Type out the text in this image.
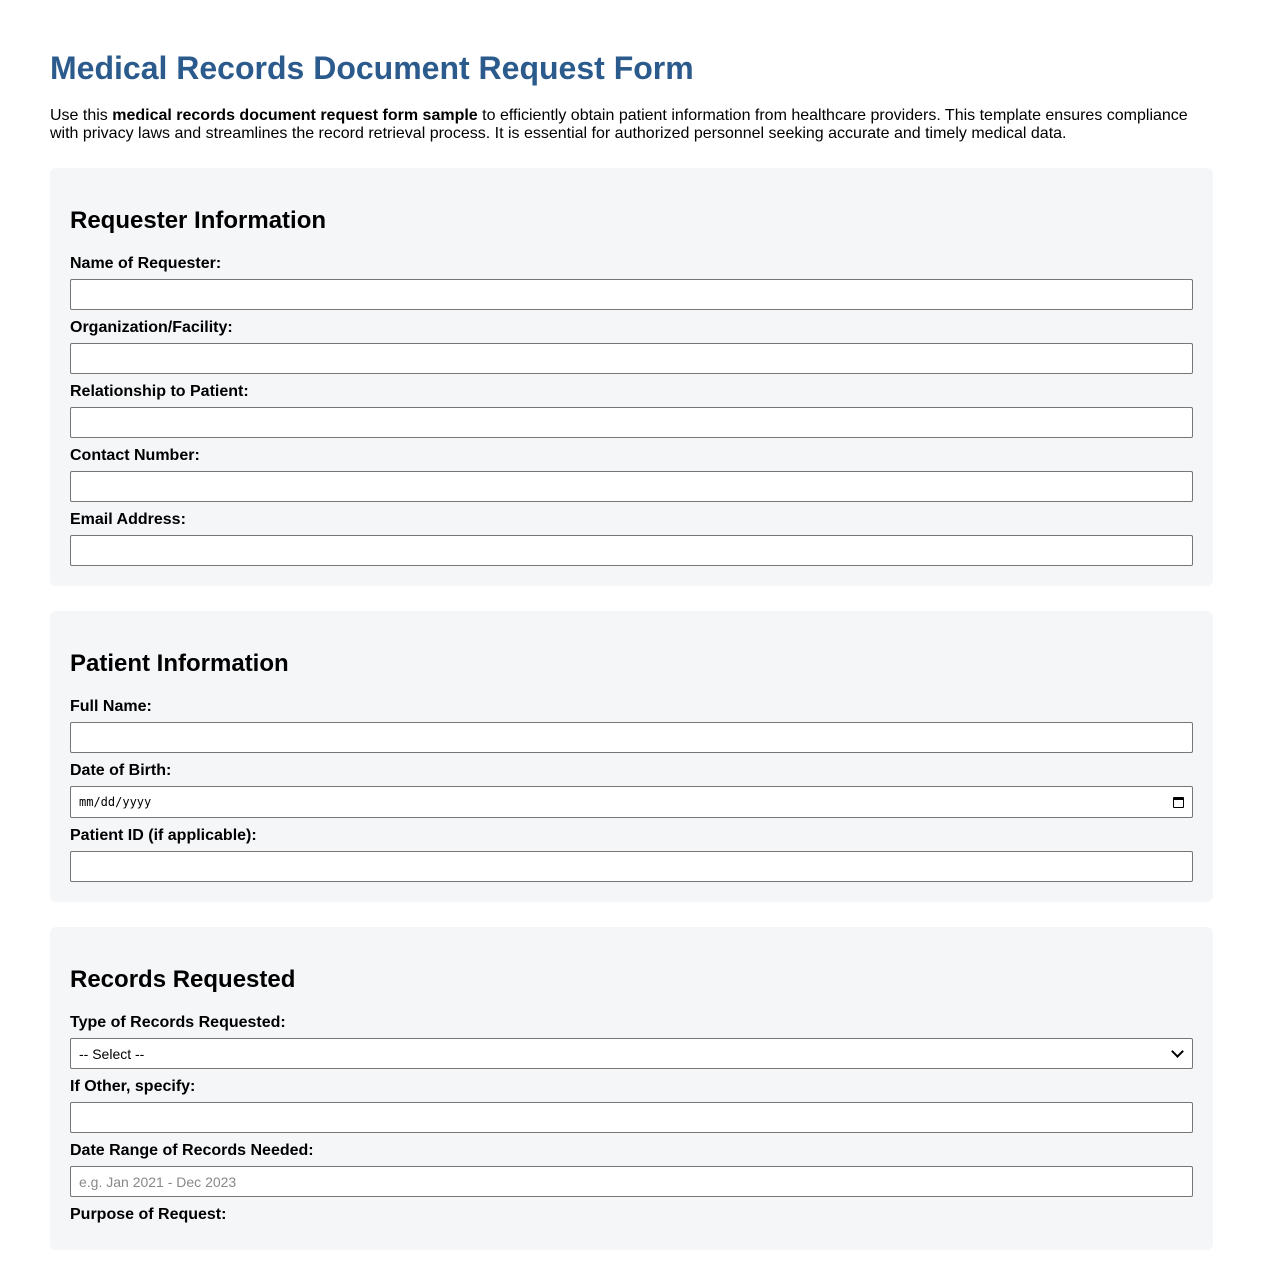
Medical Records Document Request Form

Use this medical records document request form sample to efficiently obtain patient information from healthcare providers. This template ensures compliance with privacy laws and streamlines the record retrieval process. It is essential for authorized personnel seeking accurate and timely medical data.

Requester Information
Name of Requester:
Organization/Facility:
Relationship to Patient:
Contact Number:
Email Address:
Patient Information
Full Name:
Date of Birth:
mm/dd/yyyy
Patient ID (if applicable):
Records Requested
Type of Records Requested:
-- Select --
If Other, specify:
Date Range of Records Needed:
e.g. Jan 2021 - Dec 2023
Purpose of Request:
